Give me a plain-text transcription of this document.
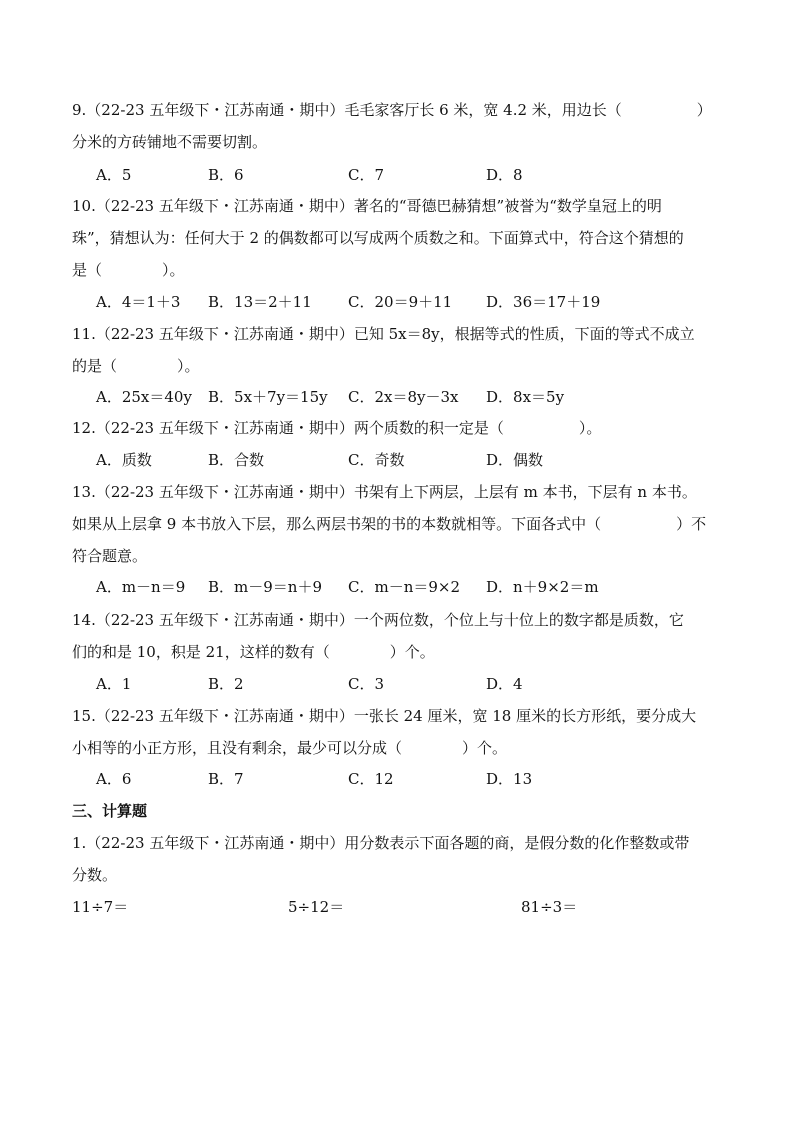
9.（22-23 五年级下・江苏南通・期中）毛毛家客厅长 6 米，宽 4.2 米，用边长（　　　　　）
分米的方砖铺地不需要切割。
A．5	B．6	C．7	D．8
10.（22-23 五年级下・江苏南通・期中）著名的“哥德巴赫猜想”被誉为“数学皇冠上的明
珠”，猜想认为：任何大于 2 的偶数都可以写成两个质数之和。下面算式中，符合这个猜想的
是（　　　　）。
A．4＝1＋3 B．13＝2＋11 C．20＝9＋11 D．36＝17＋19
11.（22-23 五年级下・江苏南通・期中）已知 5x＝8y，根据等式的性质，下面的等式不成立
的是（　　　　）。
A．25x＝40y B．5x＋7y＝15y C．2x＝8y－3x D．8x＝5y
12.（22-23 五年级下・江苏南通・期中）两个质数的积一定是（　　　　　）。
A．质数	B．合数	C．奇数	D．偶数
13.（22-23 五年级下・江苏南通・期中）书架有上下两层，上层有 m 本书，下层有 n 本书。
如果从上层拿 9 本书放入下层，那么两层书架的书的本数就相等。下面各式中（　　　　　）不
符合题意。
A．m－n＝9 B．m－9＝n＋9 C．m－n＝9×2 D．n＋9×2＝m
14.（22-23 五年级下・江苏南通・期中）一个两位数，个位上与十位上的数字都是质数，它
们的和是 10，积是 21，这样的数有（　　　　）个。
A．1	B．2	C．3	D．4
15.（22-23 五年级下・江苏南通・期中）一张长 24 厘米，宽 18 厘米的长方形纸，要分成大
小相等的小正方形，且没有剩余，最少可以分成（　　　　）个。
A．6	B．7	C．12	D．13
三、计算题
1.（22-23 五年级下・江苏南通・期中）用分数表示下面各题的商，是假分数的化作整数或带
分数。
11÷7＝	5÷12＝	81÷3＝
